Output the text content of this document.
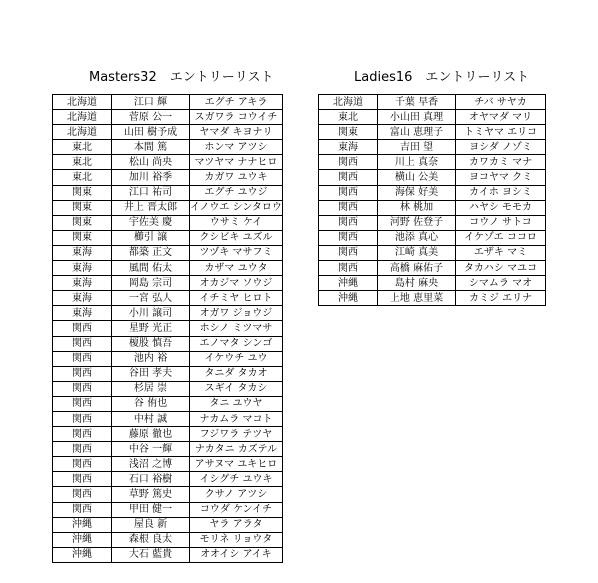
Masters32　エントリーリスト	Ladies16　エントリーリスト
北海道	江口 輝	エグチ アキラ
北海道	菅原 公一	スガワラ コウイチ
北海道	山田 樹予成	ヤマダ キヨナリ
東北	本間 篤	ホンマ アツシ
東北	松山 尚央	マツヤマ ナナヒロ
東北	加川 裕季	カガワ ユウキ
関東	江口 祐司	エグチ ユウジ
関東	井上 晋太郎	イノウエ シンタロウ
関東	宇佐美 慶	ウサミ ケイ
関東	櫛引 譲	クシビキ ユズル
東海	都築 正文	ツヅキ マサフミ
東海	風間 佑太	カザマ ユウタ
東海	岡島 宗司	オカジマ ソウジ
東海	一宮 弘人	イチミヤ ヒロト
東海	小川 譲司	オガワ ジョウジ
関西	星野 光正	ホシノ ミツマサ
関西	榎股 慎吾	エノマタ シンゴ
関西	池内 裕	イケウチ ユウ
関西	谷田 孝夫	タニダ タカオ
関西	杉居 崇	スギイ タカシ
関西	谷 侑也	タニ ユウヤ
関西	中村 誠	ナカムラ マコト
関西	藤原 徹也	フジワラ テツヤ
関西	中谷 一輝	ナカタニ カズテル
関西	浅沼 之博	アサヌマ ユキヒロ
関西	石口 裕樹	イシグチ ユウキ
関西	草野 篤史	クサノ アツシ
関西	甲田 健一	コウダ ケンイチ
沖縄	屋良 新	ヤラ アラタ
沖縄	森根 良太	モリネ リョウタ
沖縄	大石 藍貴	オオイシ アイキ
北海道	千葉 早香	チバ サヤカ
東北	小山田 真理	オヤマダ マリ
関東	富山 恵理子	トミヤマ エリコ
東海	吉田 望	ヨシダ ノゾミ
関西	川上 真奈	カワカミ マナ
関西	横山 公美	ヨコヤマ クミ
関西	海保 好美	カイホ ヨシミ
関西	林 桃加	ハヤシ モモカ
関西	河野 佐登子	コウノ サトコ
関西	池添 真心	イケゾエ ココロ
関西	江崎 真美	エザキ マミ
関西	高橋 麻佑子	タカハシ マユコ
沖縄	島村 麻央	シマムラ マオ
沖縄	上地 恵里菜	カミジ エリナ
